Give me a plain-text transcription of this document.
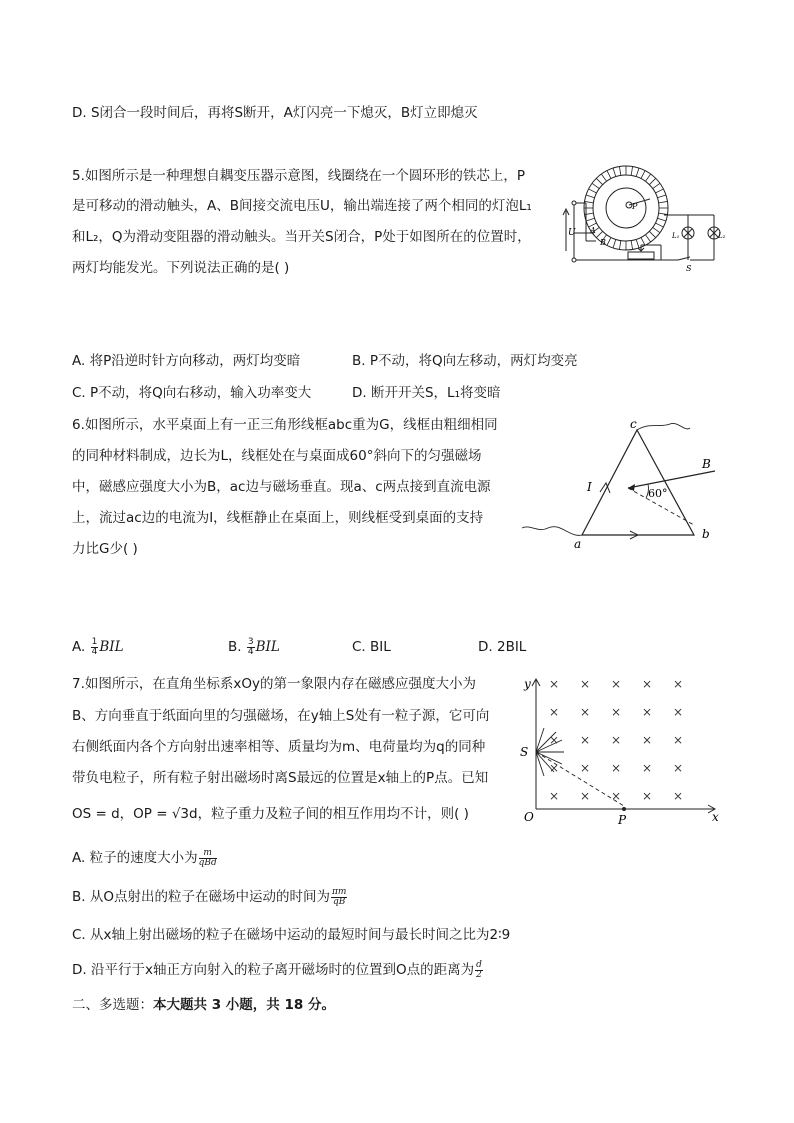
D. S闭合一段时间后，再将S断开，A灯闪亮一下熄灭，B灯立即熄灭
5.如图所示是一种理想自耦变压器示意图，线圈绕在一个圆环形的铁芯上，P
是可移动的滑动触头，A、B间接交流电压U，输出端连接了两个相同的灯泡L₁
和L₂，Q为滑动变阻器的滑动触头。当开关S闭合，P处于如图所在的位置时，
两灯均能发光。下列说法正确的是( )
P
A
B
U	L₁	L₂
S
A. 将P沿逆时针方向移动，两灯均变暗	B. P不动，将Q向左移动，两灯均变亮
C. P不动，将Q向右移动，输入功率变大	D. 断开开关S，L₁将变暗
6.如图所示，水平桌面上有一正三角形线框abc重为G，线框由粗细相同
的同种材料制成，边长为L，线框处在与桌面成60°斜向下的匀强磁场
中，磁感应强度大小为B，ac边与磁场垂直。现a、c两点接到直流电源
上，流过ac边的电流为I，线框静止在桌面上，则线框受到桌面的支持
力比G少( )
c
B
I	60°
a
b
A. $\frac{1}{4}$ BIL	B. $\frac{3}{4}$ BIL	C. BIL	D. 2BIL
7.如图所示，在直角坐标系xOy的第一象限内存在磁感应强度大小为
B、方向垂直于纸面向里的匀强磁场，在y轴上S处有一粒子源，它可向
右侧纸面内各个方向射出速率相等、质量均为m、电荷量均为q的同种
带负电粒子，所有粒子射出磁场时离S最远的位置是x轴上的P点。已知
OS = d，OP = √3d，粒子重力及粒子间的相互作用均不计，则( )
× × × × ×
× × × × ×
× × × × ×
× × × × ×
× × × × ×
y
x
O
S
P
A. 粒子的速度大小为 $\frac{m}{\text{qBd}}$
B. 从O点射出的粒子在磁场中运动的时间为 $\frac{\pi m}{qB}$
C. 从x轴上射出磁场的粒子在磁场中运动的最短时间与最长时间之比为2∶9
D. 沿平行于x轴正方向射入的粒子离开磁场时的位置到O点的距离为 $\frac{d}{2}$
二、多选题：本大题共 3 小题，共 18 分。
